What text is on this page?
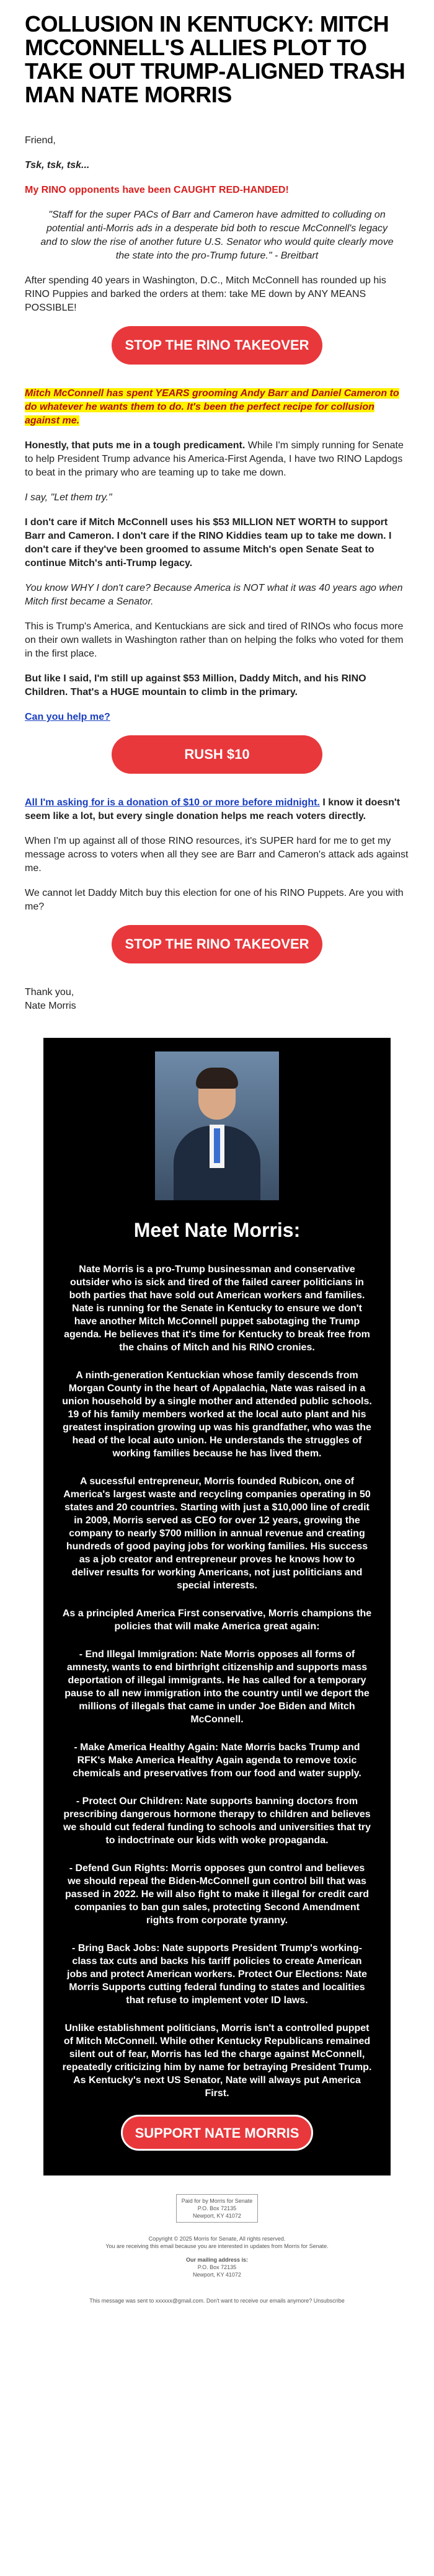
COLLUSION IN KENTUCKY: MITCH MCCONNELL'S ALLIES PLOT TO TAKE OUT TRUMP-ALIGNED TRASH MAN NATE MORRIS

Friend,

Tsk, tsk, tsk...

My RINO opponents have been CAUGHT RED-HANDED!

"Staff for the super PACs of Barr and Cameron have admitted to colluding on potential anti-Morris ads in a desperate bid both to rescue McConnell's legacy and to slow the rise of another future U.S. Senator who would quite clearly move the state into the pro-Trump future." - Breitbart

After spending 40 years in Washington, D.C., Mitch McConnell has rounded up his RINO Puppies and barked the orders at them: take ME down by ANY MEANS POSSIBLE!

STOP THE RINO TAKEOVER

Mitch McConnell has spent YEARS grooming Andy Barr and Daniel Cameron to do whatever he wants them to do. It's been the perfect recipe for collusion against me.

Honestly, that puts me in a tough predicament. While I'm simply running for Senate to help President Trump advance his America-First Agenda, I have two RINO Lapdogs to beat in the primary who are teaming up to take me down.

I say, "Let them try."

I don't care if Mitch McConnell uses his $53 MILLION NET WORTH to support Barr and Cameron. I don't care if the RINO Kiddies team up to take me down. I don't care if they've been groomed to assume Mitch's open Senate Seat to continue Mitch's anti-Trump legacy.

You know WHY I don't care? Because America is NOT what it was 40 years ago when Mitch first became a Senator.

This is Trump's America, and Kentuckians are sick and tired of RINOs who focus more on their own wallets in Washington rather than on helping the folks who voted for them in the first place.

But like I said, I'm still up against $53 Million, Daddy Mitch, and his RINO Children. That's a HUGE mountain to climb in the primary.

Can you help me?

RUSH $10

All I'm asking for is a donation of $10 or more before midnight. I know it doesn't seem like a lot, but every single donation helps me reach voters directly.

When I'm up against all of those RINO resources, it's SUPER hard for me to get my message across to voters when all they see are Barr and Cameron's attack ads against me.

We cannot let Daddy Mitch buy this election for one of his RINO Puppets. Are you with me?

STOP THE RINO TAKEOVER

Thank you,
Nate Morris

Meet Nate Morris:

Nate Morris is a pro-Trump businessman and conservative outsider who is sick and tired of the failed career politicians in both parties that have sold out American workers and families. Nate is running for the Senate in Kentucky to ensure we don't have another Mitch McConnell puppet sabotaging the Trump agenda. He believes that it's time for Kentucky to break free from the chains of Mitch and his RINO cronies.

A ninth-generation Kentuckian whose family descends from Morgan County in the heart of Appalachia, Nate was raised in a union household by a single mother and attended public schools. 19 of his family members worked at the local auto plant and his greatest inspiration growing up was his grandfather, who was the head of the local auto union. He understands the struggles of working families because he has lived them.

A sucessful entrepreneur, Morris founded Rubicon, one of America's largest waste and recycling companies operating in 50 states and 20 countries. Starting with just a $10,000 line of credit in 2009, Morris served as CEO for over 12 years, growing the company to nearly $700 million in annual revenue and creating hundreds of good paying jobs for working families. His success as a job creator and entrepreneur proves he knows how to deliver results for working Americans, not just politicians and special interests.

As a principled America First conservative, Morris champions the policies that will make America great again:

- End Illegal Immigration: Nate Morris opposes all forms of amnesty, wants to end birthright citizenship and supports mass deportation of illegal immigrants. He has called for a temporary pause to all new immigration into the country until we deport the millions of illegals that came in under Joe Biden and Mitch McConnell.

- Make America Healthy Again: Nate Morris backs Trump and RFK's Make America Healthy Again agenda to remove toxic chemicals and preservatives from our food and water supply.

- Protect Our Children: Nate supports banning doctors from prescribing dangerous hormone therapy to children and believes we should cut federal funding to schools and universities that try to indoctrinate our kids with woke propaganda.

- Defend Gun Rights: Morris opposes gun control and believes we should repeal the Biden-McConnell gun control bill that was passed in 2022. He will also fight to make it illegal for credit card companies to ban gun sales, protecting Second Amendment rights from corporate tyranny.

- Bring Back Jobs: Nate supports President Trump's working-class tax cuts and backs his tariff policies to create American jobs and protect American workers. Protect Our Elections: Nate Morris Supports cutting federal funding to states and localities that refuse to implement voter ID laws.

Unlike establishment politicians, Morris isn't a controlled puppet of Mitch McConnell. While other Kentucky Republicans remained silent out of fear, Morris has led the charge against McConnell, repeatedly criticizing him by name for betraying President Trump. As Kentucky's next US Senator, Nate will always put America First.

SUPPORT NATE MORRIS
Paid for by Morris for Senate
P.O. Box 72135
Newport, KY 41072

Copyright © 2025 Morris for Senate, All rights reserved.
You are receiving this email because you are interested in updates from Morris for Senate.

Our mailing address is:
P.O. Box 72135
Newport, KY 41072

This message was sent to xxxxxx@gmail.com. Don't want to receive our emails anymore? Unsubscribe
